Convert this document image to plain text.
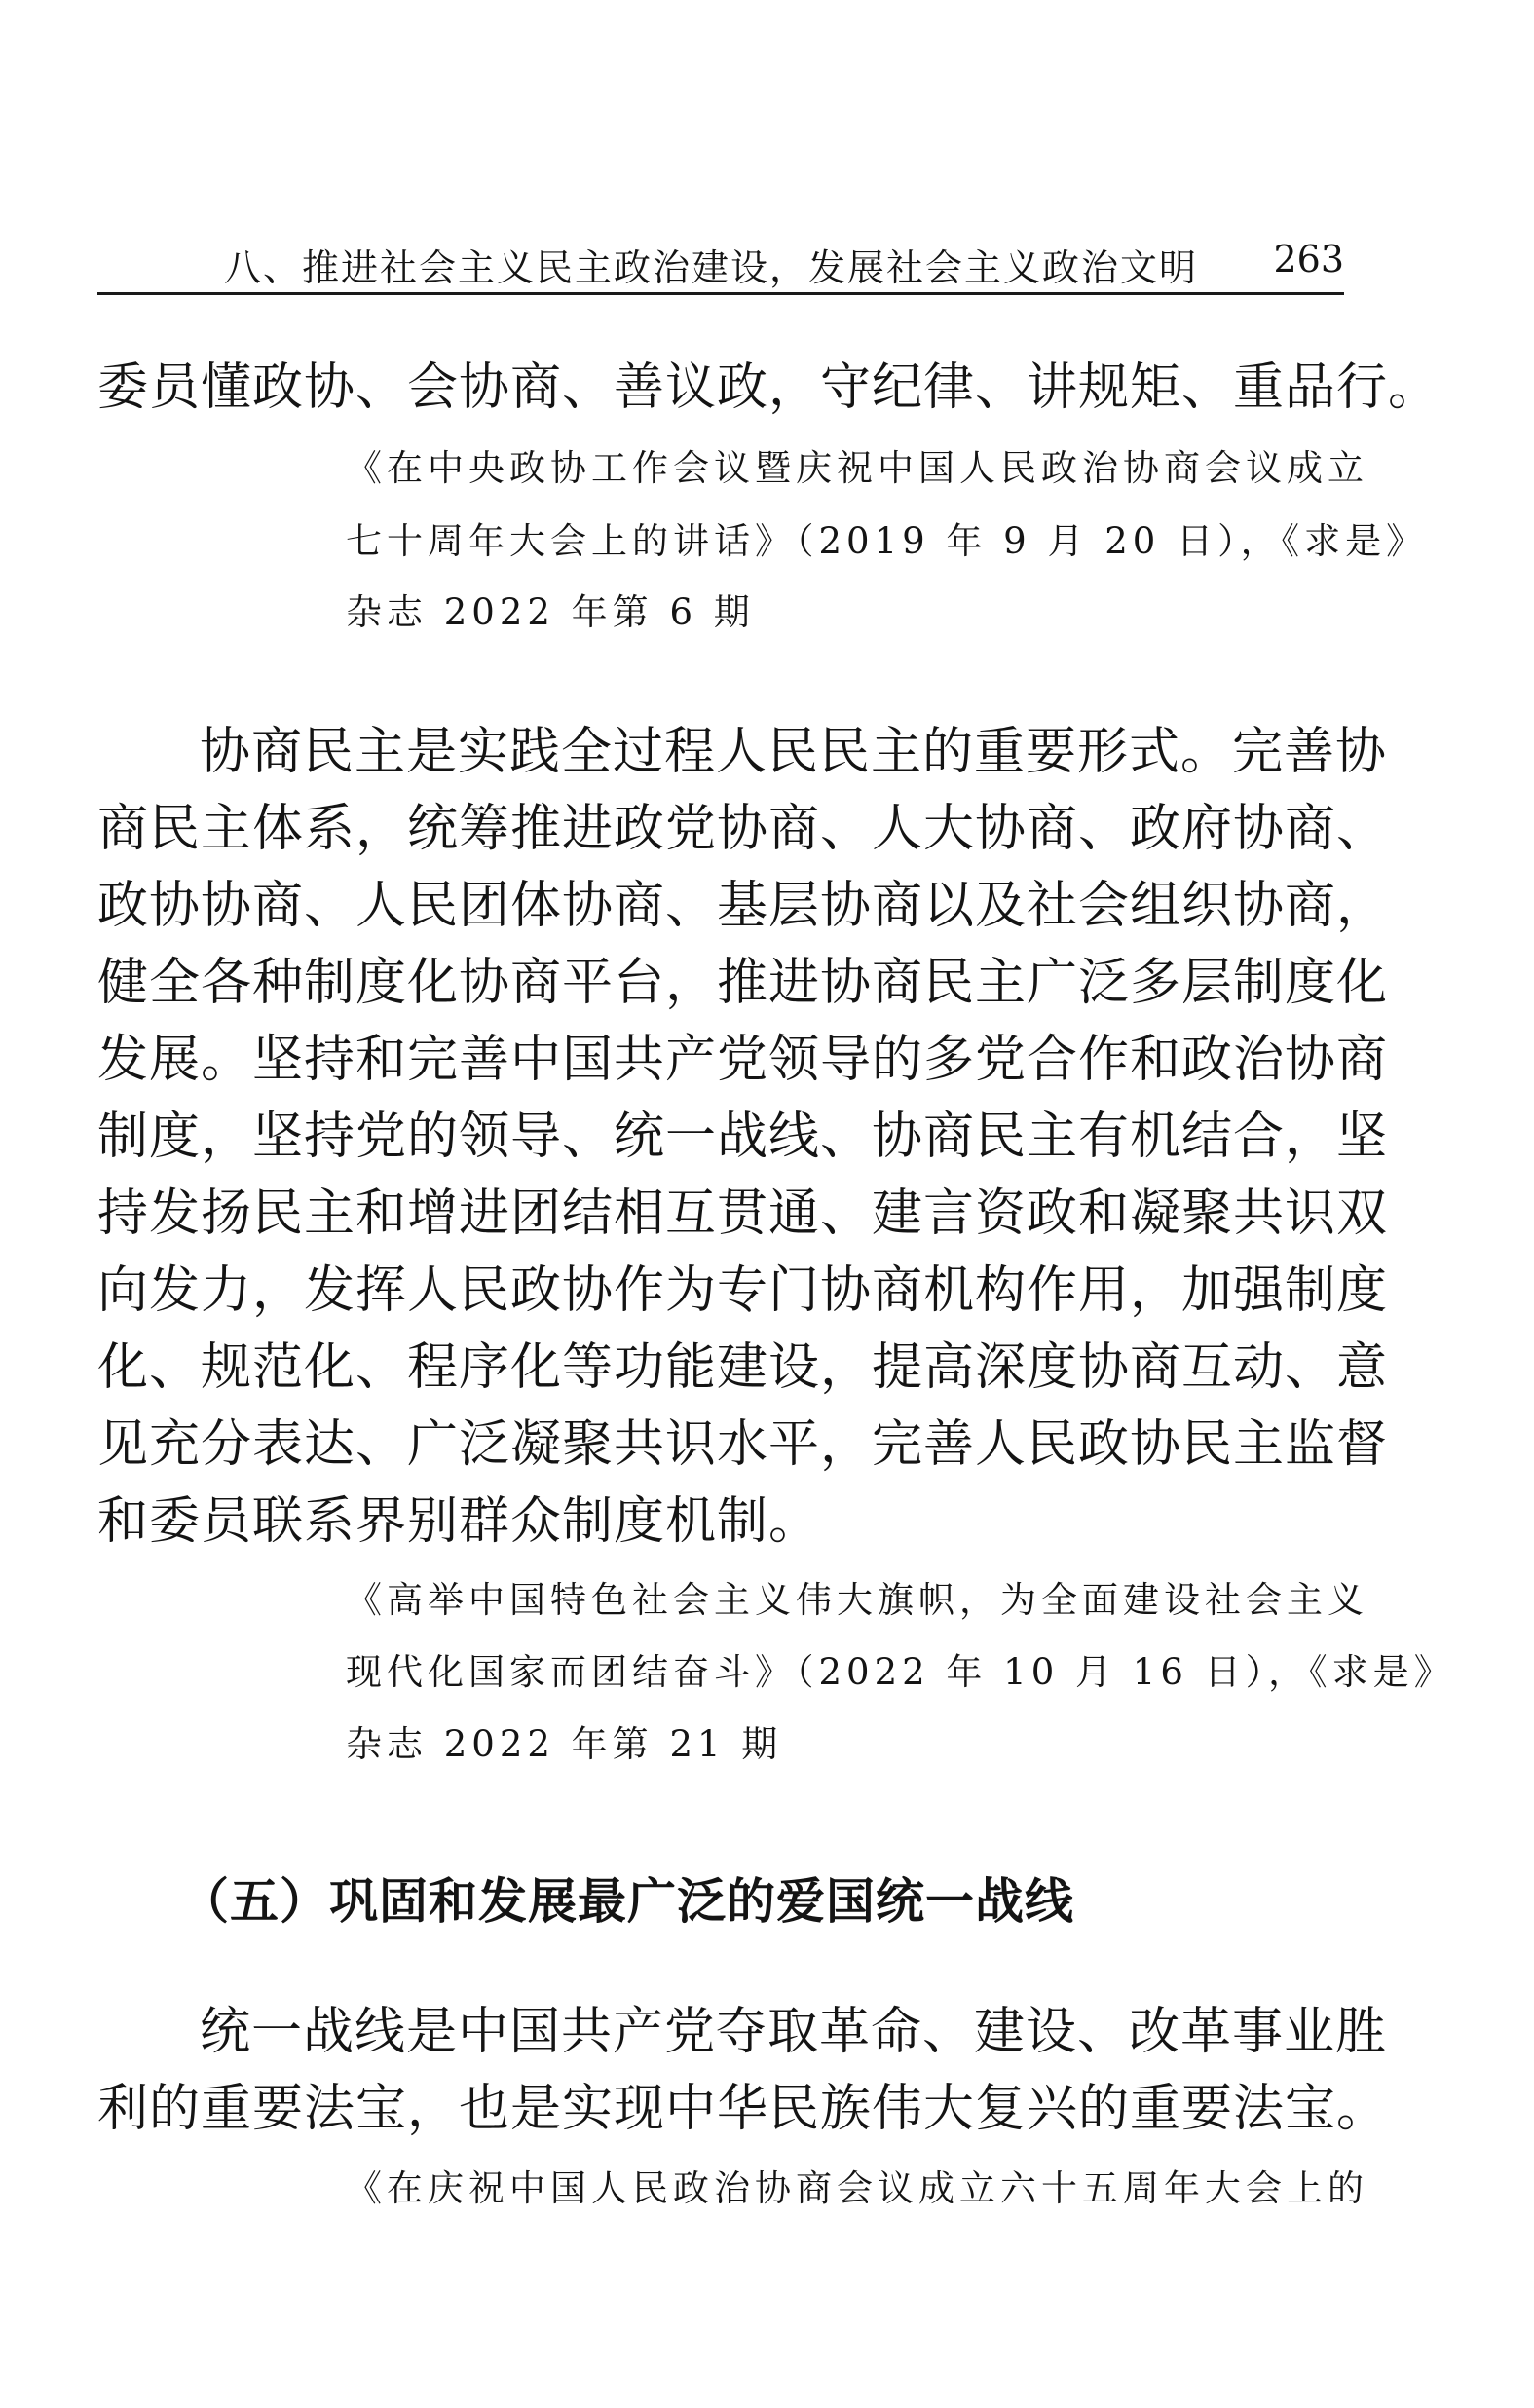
八、推进社会主义民主政治建设，发展社会主义政治文明 263
委员懂政协、会协商、善议政，守纪律、讲规矩、重品行。
《在中央政协工作会议暨庆祝中国人民政治协商会议成立
七十周年大会上的讲话》（2019 年 9 月 20 日），《求是》
杂志 2022 年第 6 期
协商民主是实践全过程人民民主的重要形式。完善协
商民主体系，统筹推进政党协商、人大协商、政府协商、
政协协商、人民团体协商、基层协商以及社会组织协商，
健全各种制度化协商平台，推进协商民主广泛多层制度化
发展。坚持和完善中国共产党领导的多党合作和政治协商
制度，坚持党的领导、统一战线、协商民主有机结合，坚
持发扬民主和增进团结相互贯通、建言资政和凝聚共识双
向发力，发挥人民政协作为专门协商机构作用，加强制度
化、规范化、程序化等功能建设，提高深度协商互动、意
见充分表达、广泛凝聚共识水平，完善人民政协民主监督
和委员联系界别群众制度机制。
《高举中国特色社会主义伟大旗帜，为全面建设社会主义
现代化国家而团结奋斗》（2022 年 10 月 16 日），《求是》
杂志 2022 年第 21 期
（五）巩固和发展最广泛的爱国统一战线
统一战线是中国共产党夺取革命、建设、改革事业胜
利的重要法宝，也是实现中华民族伟大复兴的重要法宝。
《在庆祝中国人民政治协商会议成立六十五周年大会上的
